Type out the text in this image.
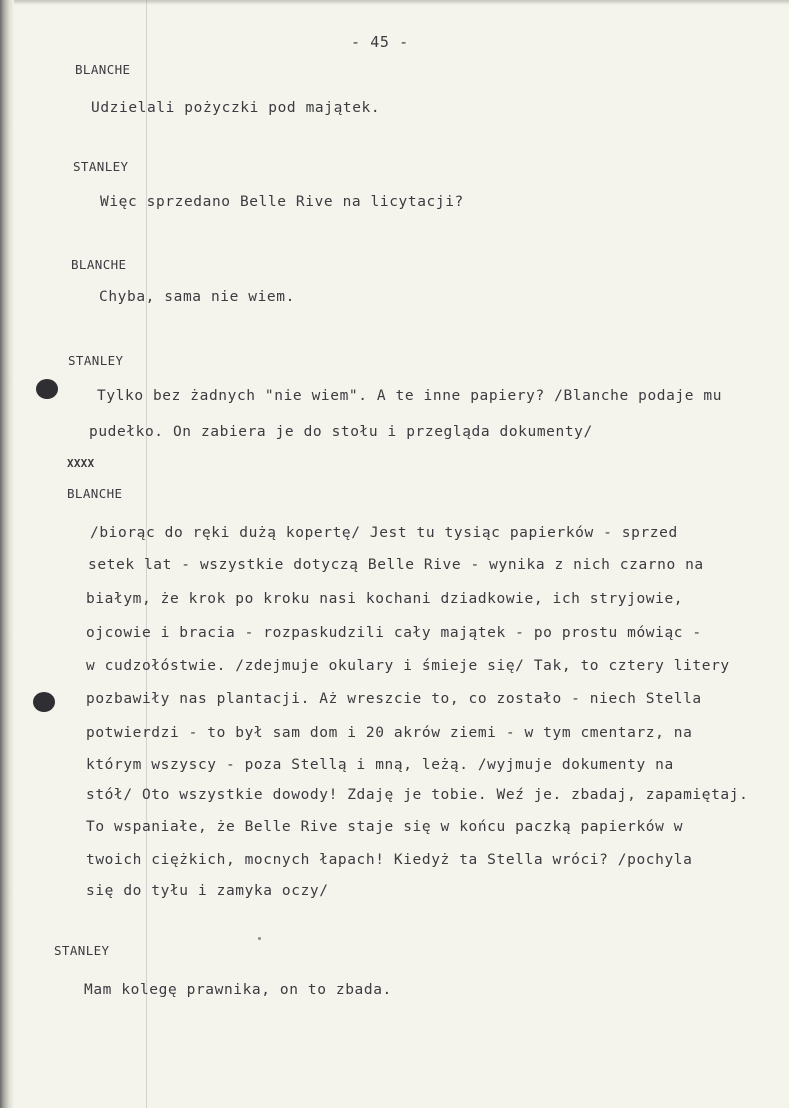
- 45 -
BLANCHE
Udzielali pożyczki pod majątek.
STANLEY
Więc sprzedano Belle Rive na licytacji?
BLANCHE
Chyba, sama nie wiem.
STANLEY
Tylko bez żadnych "nie wiem". A te inne papiery? /Blanche podaje mu
pudełko. On zabiera je do stołu i przegląda dokumenty/
XXXX
BLANCHE
/biorąc do ręki dużą kopertę/ Jest tu tysiąc papierków - sprzed
setek lat - wszystkie dotyczą Belle Rive - wynika z nich czarno na
białym, że krok po kroku nasi kochani dziadkowie, ich stryjowie,
ojcowie i bracia - rozpaskudzili cały majątek - po prostu mówiąc -
w cudzołóstwie. /zdejmuje okulary i śmieje się/ Tak, to cztery litery
pozbawiły nas plantacji. Aż wreszcie to, co zostało - niech Stella
potwierdzi - to był sam dom i 20 akrów ziemi - w tym cmentarz, na
którym wszyscy - poza Stellą i mną, leżą. /wyjmuje dokumenty na
stół/ Oto wszystkie dowody! Zdaję je tobie. Weź je. zbadaj, zapamiętaj.
To wspaniałe, że Belle Rive staje się w końcu paczką papierków w
twoich ciężkich, mocnych łapach! Kiedyż ta Stella wróci? /pochyla
się do tyłu i zamyka oczy/
STANLEY
Mam kolegę prawnika, on to zbada.
